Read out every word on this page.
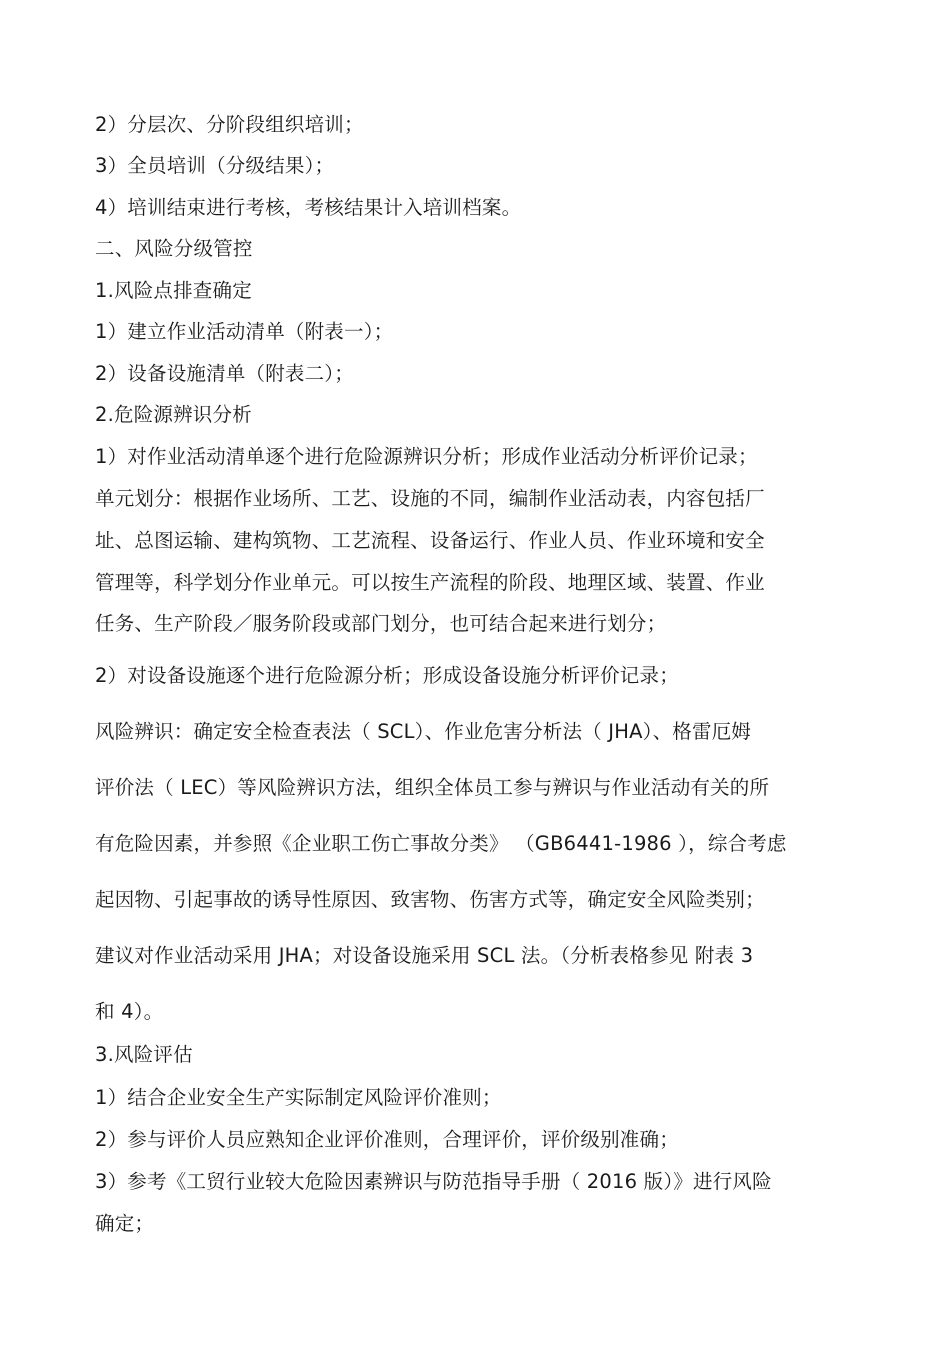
2）分层次、分阶段组织培训；
3）全员培训（分级结果）；
4）培训结束进行考核，考核结果计入培训档案。
二、风险分级管控
1.风险点排查确定
1）建立作业活动清单（附表一）；
2）设备设施清单（附表二）；
2.危险源辨识分析
1）对作业活动清单逐个进行危险源辨识分析；形成作业活动分析评价记录；
单元划分：根据作业场所、工艺、设施的不同，编制作业活动表，内容包括厂
址、总图运输、建构筑物、工艺流程、设备运行、作业人员、作业环境和安全
管理等，科学划分作业单元。可以按生产流程的阶段、地理区域、装置、作业
任务、生产阶段／服务阶段或部门划分，也可结合起来进行划分；
2）对设备设施逐个进行危险源分析；形成设备设施分析评价记录；
风险辨识：确定安全检查表法（ SCL）、作业危害分析法（ JHA）、格雷厄姆
评价法（ LEC）等风险辨识方法，组织全体员工参与辨识与作业活动有关的所
有危险因素，并参照《企业职工伤亡事故分类》 （GB6441-1986 ），综合考虑
起因物、引起事故的诱导性原因、致害物、伤害方式等，确定安全风险类别；
建议对作业活动采用 JHA；对设备设施采用 SCL 法。（分析表格参见 附表 3
和 4）。
3.风险评估
1）结合企业安全生产实际制定风险评价准则；
2）参与评价人员应熟知企业评价准则，合理评价，评价级别准确；
3）参考《工贸行业较大危险因素辨识与防范指导手册（ 2016 版）》进行风险
确定；
